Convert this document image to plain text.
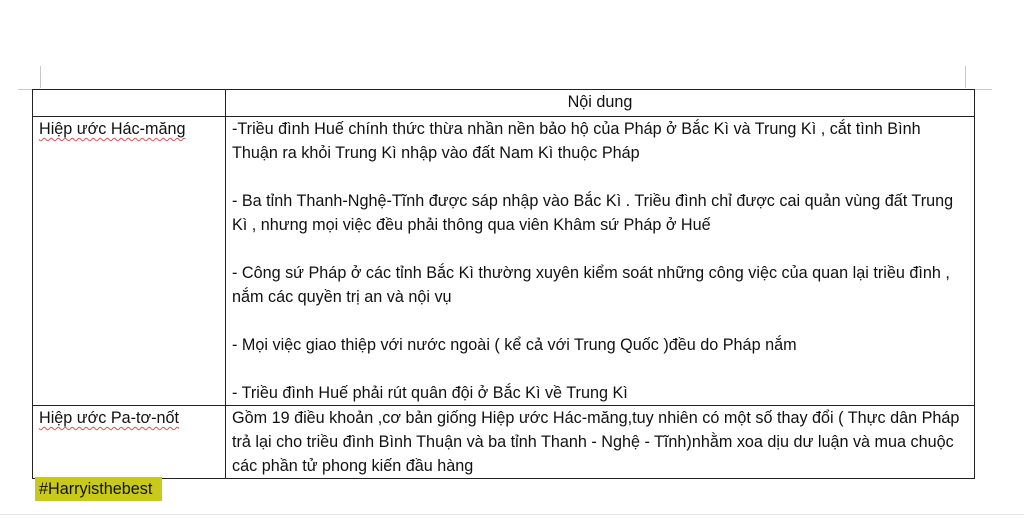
	Nội dung
Hiệp ước Hác-măng	-Triều đình Huế chính thức thừa nhần nền bảo hộ của Pháp ở Bắc Kì và Trung Kì , cắt tình Bình Thuận ra khỏi Trung Kì nhập vào đất Nam Kì thuộc Pháp

- Ba tỉnh Thanh-Nghệ-Tĩnh được sáp nhập vào Bắc Kì . Triều đình chỉ được cai quản vùng đất Trung Kì , nhưng mọi việc đều phải thông qua viên Khâm sứ Pháp ở Huế

- Công sứ Pháp ở các tỉnh Bắc Kì thường xuyên kiểm soát những công việc của quan lại triều đình , nắm các quyền trị an và nội vụ

- Mọi việc giao thiệp với nước ngoài ( kể cả với Trung Quốc )đều do Pháp nắm

- Triều đình Huế phải rút quân đội ở Bắc Kì về Trung Kì

Hiệp ước Pa-tơ-nốt	Gồm 19 điều khoản ,cơ bản giống Hiệp ước Hác-măng,tuy nhiên có một số thay đổi ( Thực dân Pháp trả lại cho triều đình Bình Thuận và ba tỉnh Thanh - Nghệ - Tĩnh)nhằm xoa dịu dư luận và mua chuộc các phần tử phong kiến đầu hàng

#Harryisthebest
